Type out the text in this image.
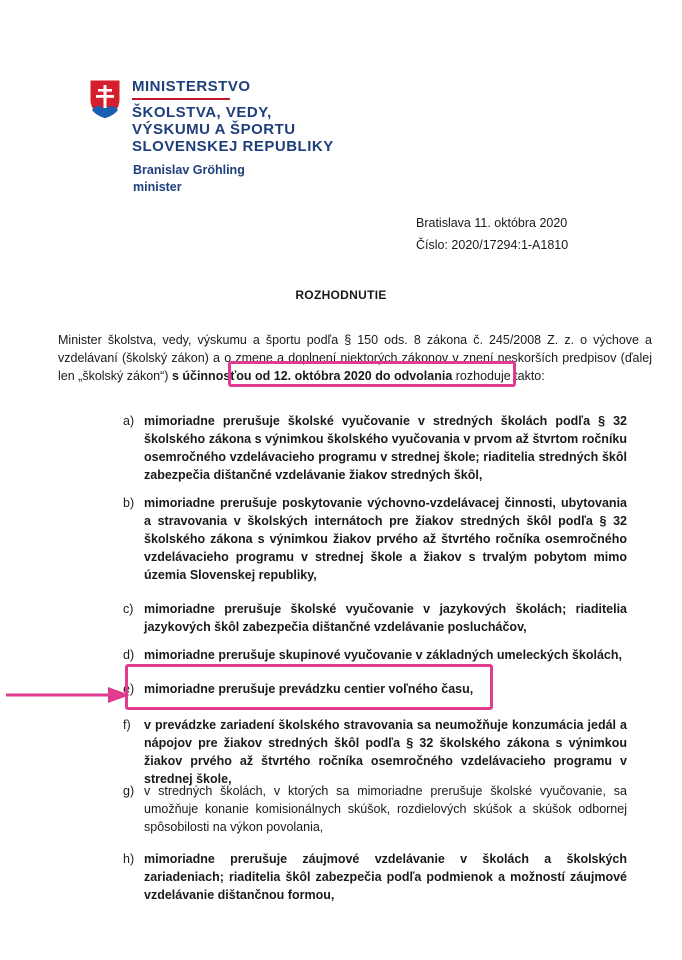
MINISTERSTVO
ŠKOLSTVA, VEDY,
VÝSKUMU A ŠPORTU
SLOVENSKEJ REPUBLIKY
Branislav Gröhling
minister
Bratislava 11. októbra 2020
Číslo: 2020/17294:1-A1810
ROZHODNUTIE
Minister školstva, vedy, výskumu a športu podľa § 150 ods. 8 zákona č. 245/2008 Z. z. o výchove a vzdelávaní (školský zákon) a o zmene a doplnení niektorých zákonov v znení neskorších predpisov (ďalej len „školský zákon“) s účinnosťou od 12. októbra 2020 do odvolania rozhoduje takto:
a) mimoriadne prerušuje školské vyučovanie v stredných školách podľa § 32 školského zákona s výnimkou školského vyučovania v prvom až štvrtom ročníku osemročného vzdelávacieho programu v strednej škole; riaditelia stredných škôl zabezpečia dištančné vzdelávanie žiakov stredných škôl,
b) mimoriadne prerušuje poskytovanie výchovno-vzdelávacej činnosti, ubytovania a stravovania v školských internátoch pre žiakov stredných škôl podľa § 32 školského zákona s výnimkou žiakov prvého až štvrtého ročníka osemročného vzdelávacieho programu v strednej škole a žiakov s trvalým pobytom mimo územia Slovenskej republiky,
c) mimoriadne prerušuje školské vyučovanie v jazykových školách; riaditelia jazykových škôl zabezpečia dištančné vzdelávanie poslucháčov,
d) mimoriadne prerušuje skupinové vyučovanie v základných umeleckých školách,
e) mimoriadne prerušuje prevádzku centier voľného času,
f) v prevádzke zariadení školského stravovania sa neumožňuje konzumácia jedál a nápojov pre žiakov stredných škôl podľa § 32 školského zákona s výnimkou žiakov prvého až štvrtého ročníka osemročného vzdelávacieho programu v strednej škole,
g) v stredných školách, v ktorých sa mimoriadne prerušuje školské vyučovanie, sa umožňuje konanie komisionálnych skúšok, rozdielových skúšok a skúšok odbornej spôsobilosti na výkon povolania,
h) mimoriadne prerušuje záujmové vzdelávanie v školách a školských zariadeniach; riaditelia škôl zabezpečia podľa podmienok a možností záujmové vzdelávanie dištančnou formou,
